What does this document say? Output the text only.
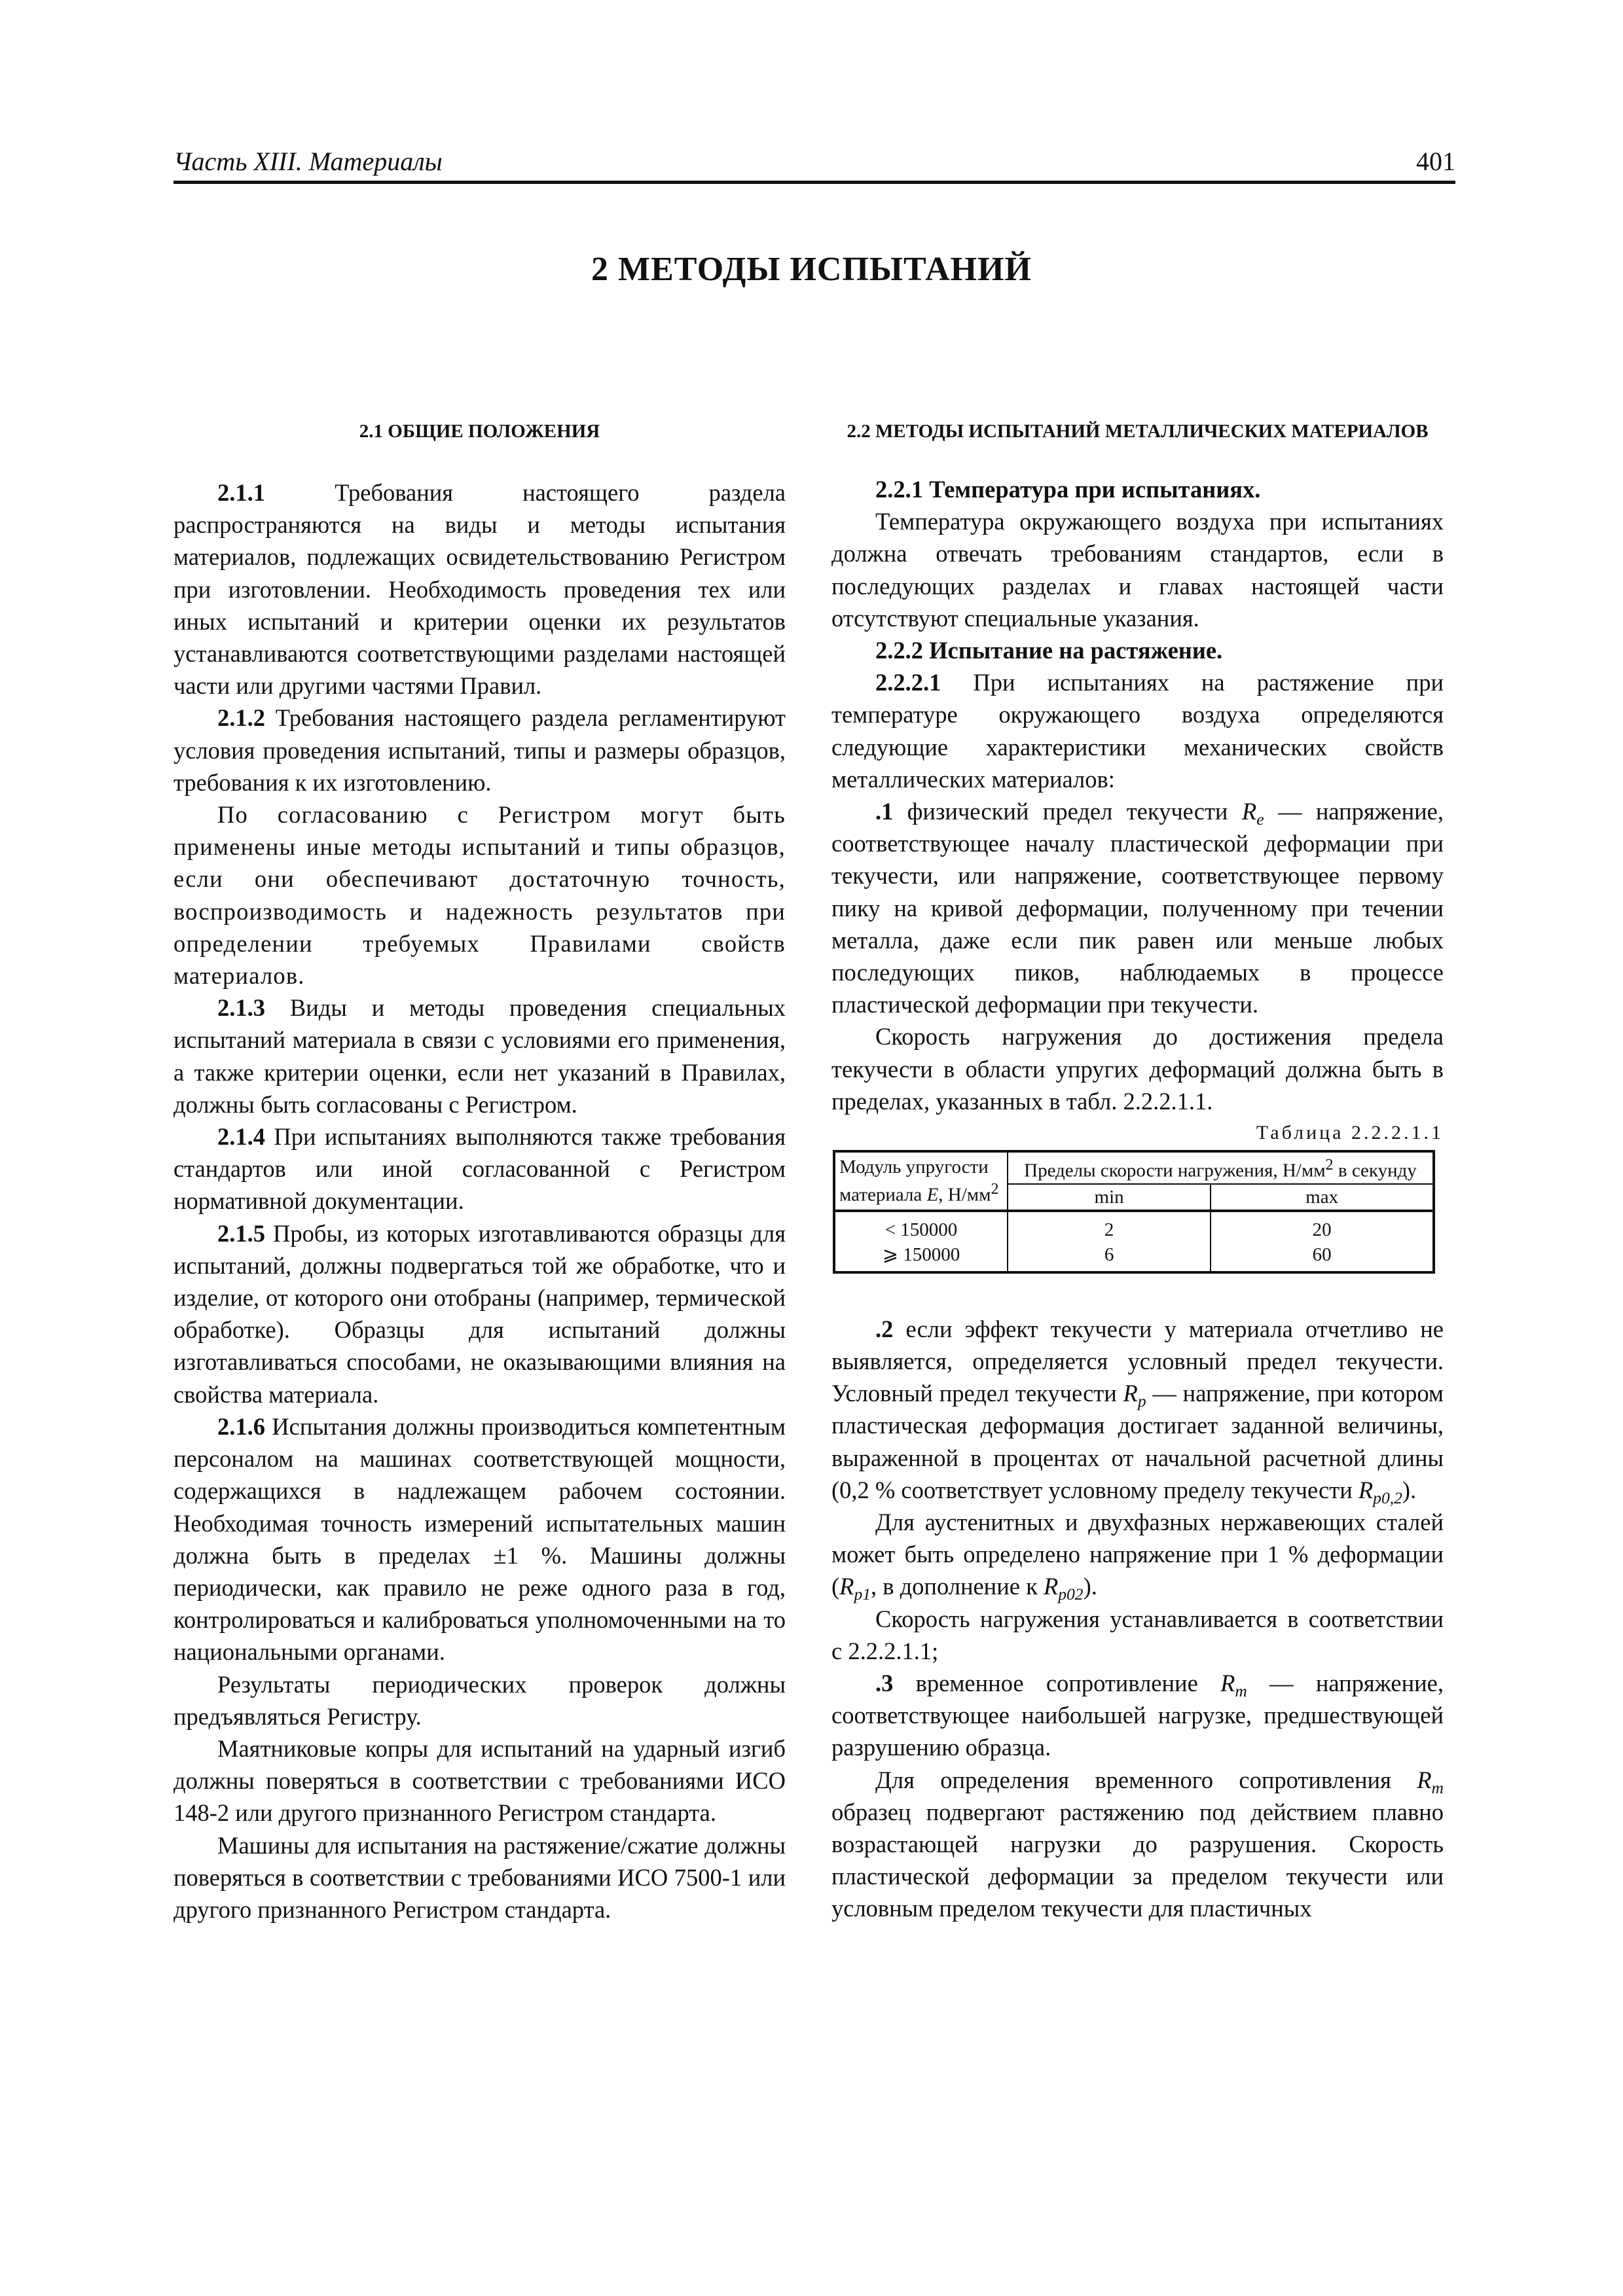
Часть XIII. Материалы	401
2 МЕТОДЫ ИСПЫТАНИЙ
2.1 ОБЩИЕ ПОЛОЖЕНИЯ

2.1.1 Требования настоящего раздела распространяются на виды и методы испытания материалов, подлежащих освидетельствованию Регистром при изготовлении. Необходимость проведения тех или иных испытаний и критерии оценки их результатов устанавливаются соответствующими разделами настоящей части или другими частями Правил.

2.1.2 Требования настоящего раздела регламентируют условия проведения испытаний, типы и размеры образцов, требования к их изготовлению.

По согласованию с Регистром могут быть применены иные методы испытаний и типы образцов, если они обеспечивают достаточную точность, воспроизводимость и надежность результатов при определении требуемых Правилами свойств материалов.

2.1.3 Виды и методы проведения специальных испытаний материала в связи с условиями его применения, а также критерии оценки, если нет указаний в Правилах, должны быть согласованы с Регистром.

2.1.4 При испытаниях выполняются также требования стандартов или иной согласованной с Регистром нормативной документации.

2.1.5 Пробы, из которых изготавливаются образцы для испытаний, должны подвергаться той же обработке, что и изделие, от которого они отобраны (например, термической обработке). Образцы для испытаний должны изготавливаться способами, не оказывающими влияния на свойства материала.

2.1.6 Испытания должны производиться компетентным персоналом на машинах соответствующей мощности, содержащихся в надлежащем рабочем состоянии. Необходимая точность измерений испытательных машин должна быть в пределах ±1 %. Машины должны периодически, как правило не реже одного раза в год, контролироваться и калиброваться уполномоченными на то национальными органами.

Результаты периодических проверок должны предъявляться Регистру.

Маятниковые копры для испытаний на ударный изгиб должны поверяться в соответствии с требованиями ИСО 148-2 или другого признанного Регистром стандарта.

Машины для испытания на растяжение/сжатие должны поверяться в соответствии с требованиями ИСО 7500-1 или другого признанного Регистром стандарта.

2.2 МЕТОДЫ ИСПЫТАНИЙ МЕТАЛЛИЧЕСКИХ МАТЕРИАЛОВ

2.2.1 Температура при испытаниях.

Температура окружающего воздуха при испытаниях должна отвечать требованиям стандартов, если в последующих разделах и главах настоящей части отсутствуют специальные указания.

2.2.2 Испытание на растяжение.

2.2.2.1 При испытаниях на растяжение при температуре окружающего воздуха определяются следующие характеристики механических свойств металлических материалов:

.1 физический предел текучести $R_e$ — напряжение, соответствующее началу пластической деформации при текучести, или напряжение, соответствующее первому пику на кривой деформации, полученному при течении металла, даже если пик равен или меньше любых последующих пиков, наблюдаемых в процессе пластической деформации при текучести.

Скорость нагружения до достижения предела текучести в области упругих деформаций должна быть в пределах, указанных в табл. 2.2.2.1.1.

Таблица 2.2.2.1.1

Модуль упругости материала E, $Н/мм^2$	Пределы скорости нагружения, $Н/мм^2$ в секунду	
	min	max
< 150000	2	20
⩾ 150000	6	60

.2 если эффект текучести у материала отчетливо не выявляется, определяется условный предел текучести. Условный предел текучести $R_p$ — напряжение, при котором пластическая деформация достигает заданной величины, выраженной в процентах от начальной расчетной длины (0,2 % соответствует условному пределу текучести $R_{p0,2}$).

Для аустенитных и двухфазных нержавеющих сталей может быть определено напряжение при 1 % деформации ($R_{p1}$, в дополнение к $R_{p02}$).

Скорость нагружения устанавливается в соответствии с 2.2.2.1.1;

.3 временное сопротивление $R_m$ — напряжение, соответствующее наибольшей нагрузке, предшествующей разрушению образца.

Для определения временного сопротивления $R_m$ образец подвергают растяжению под действием плавно возрастающей нагрузки до разрушения. Скорость пластической деформации за пределом текучести или условным пределом текучести для пластичных
